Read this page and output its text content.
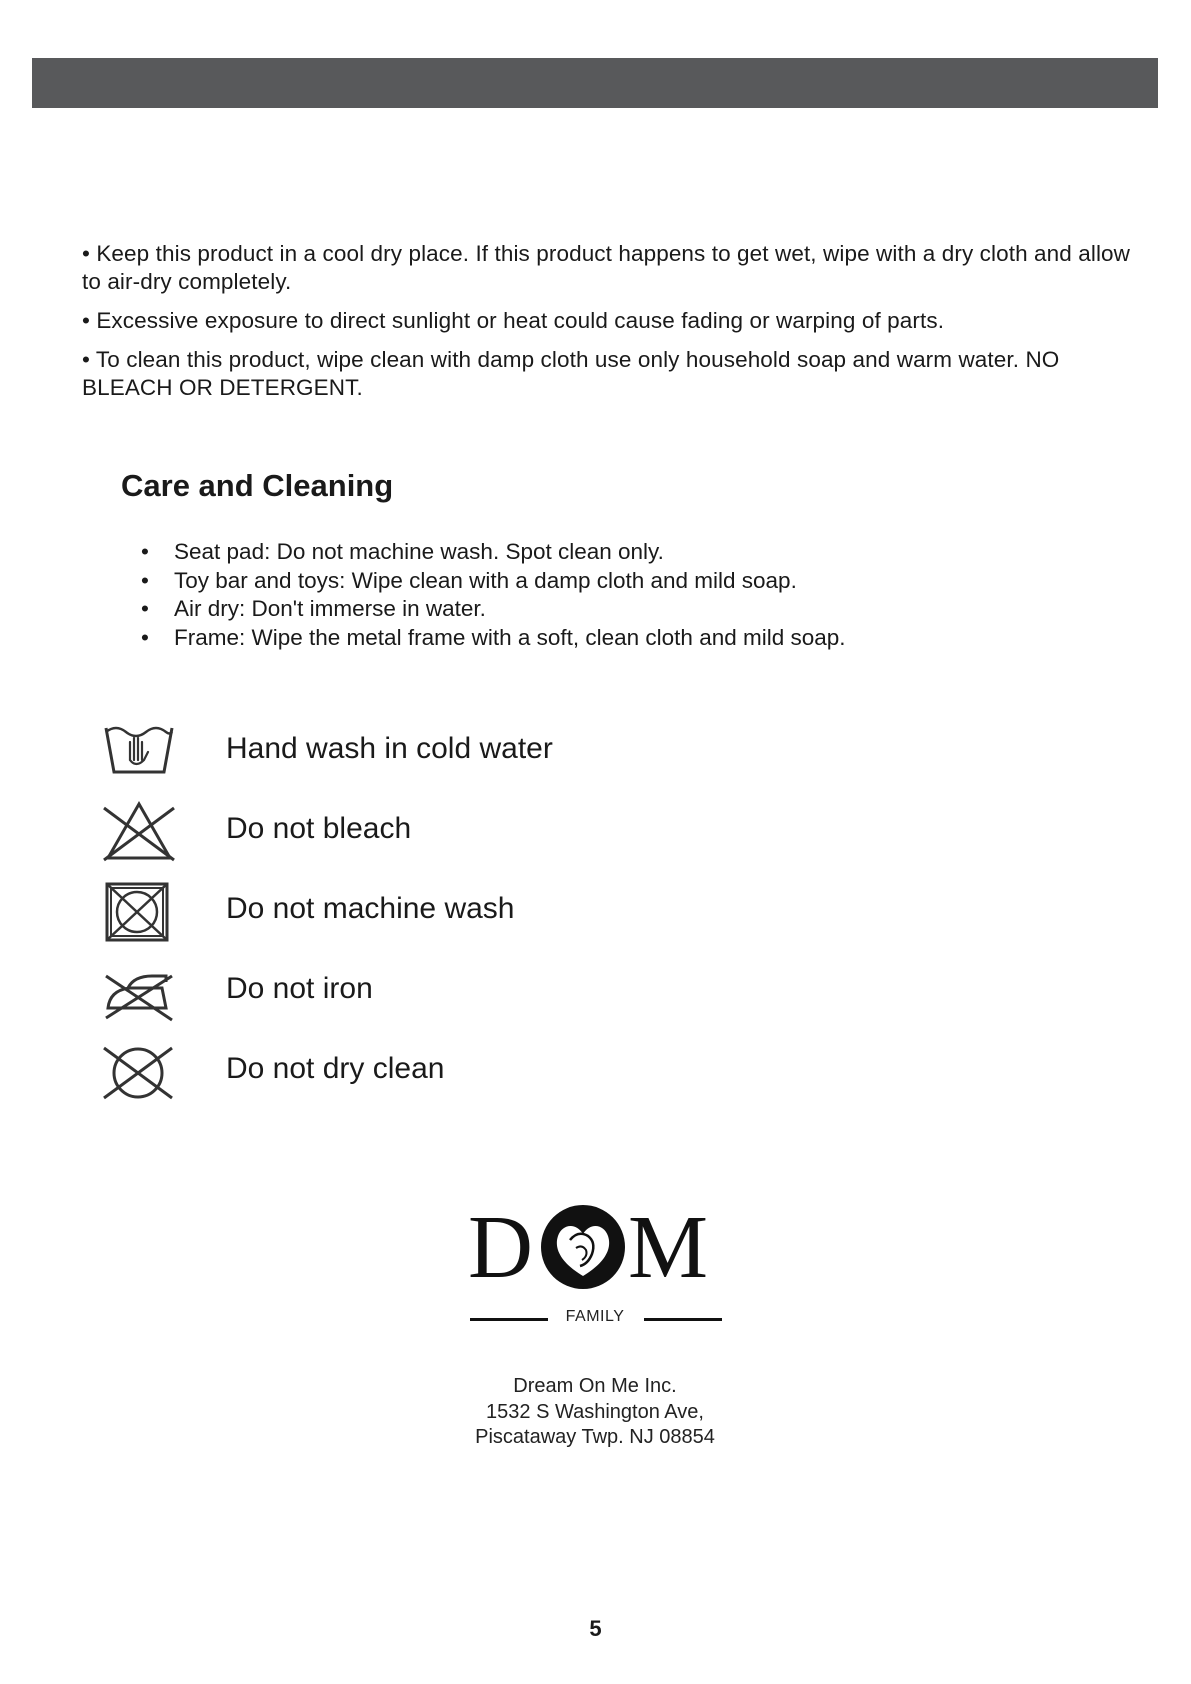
• Keep this product in a cool dry place. If this product happens to get wet, wipe with a dry cloth and allow to air-dry completely.

• Excessive exposure to direct sunlight or heat could cause fading or warping of parts.

• To clean this product, wipe clean with damp cloth use only household soap and warm water. NO BLEACH OR DETERGENT.

Care and Cleaning
• Seat pad: Do not machine wash. Spot clean only.
• Toy bar and toys: Wipe clean with a damp cloth and mild soap.
• Air dry: Don't immerse in water.
• Frame: Wipe the metal frame with a soft, clean cloth and mild soap.
Hand wash in cold water
Do not bleach
Do not machine wash
Do not iron
Do not dry clean
D M
FAMILY
Dream On Me Inc.
1532 S Washington Ave,
Piscataway Twp. NJ 08854
5
